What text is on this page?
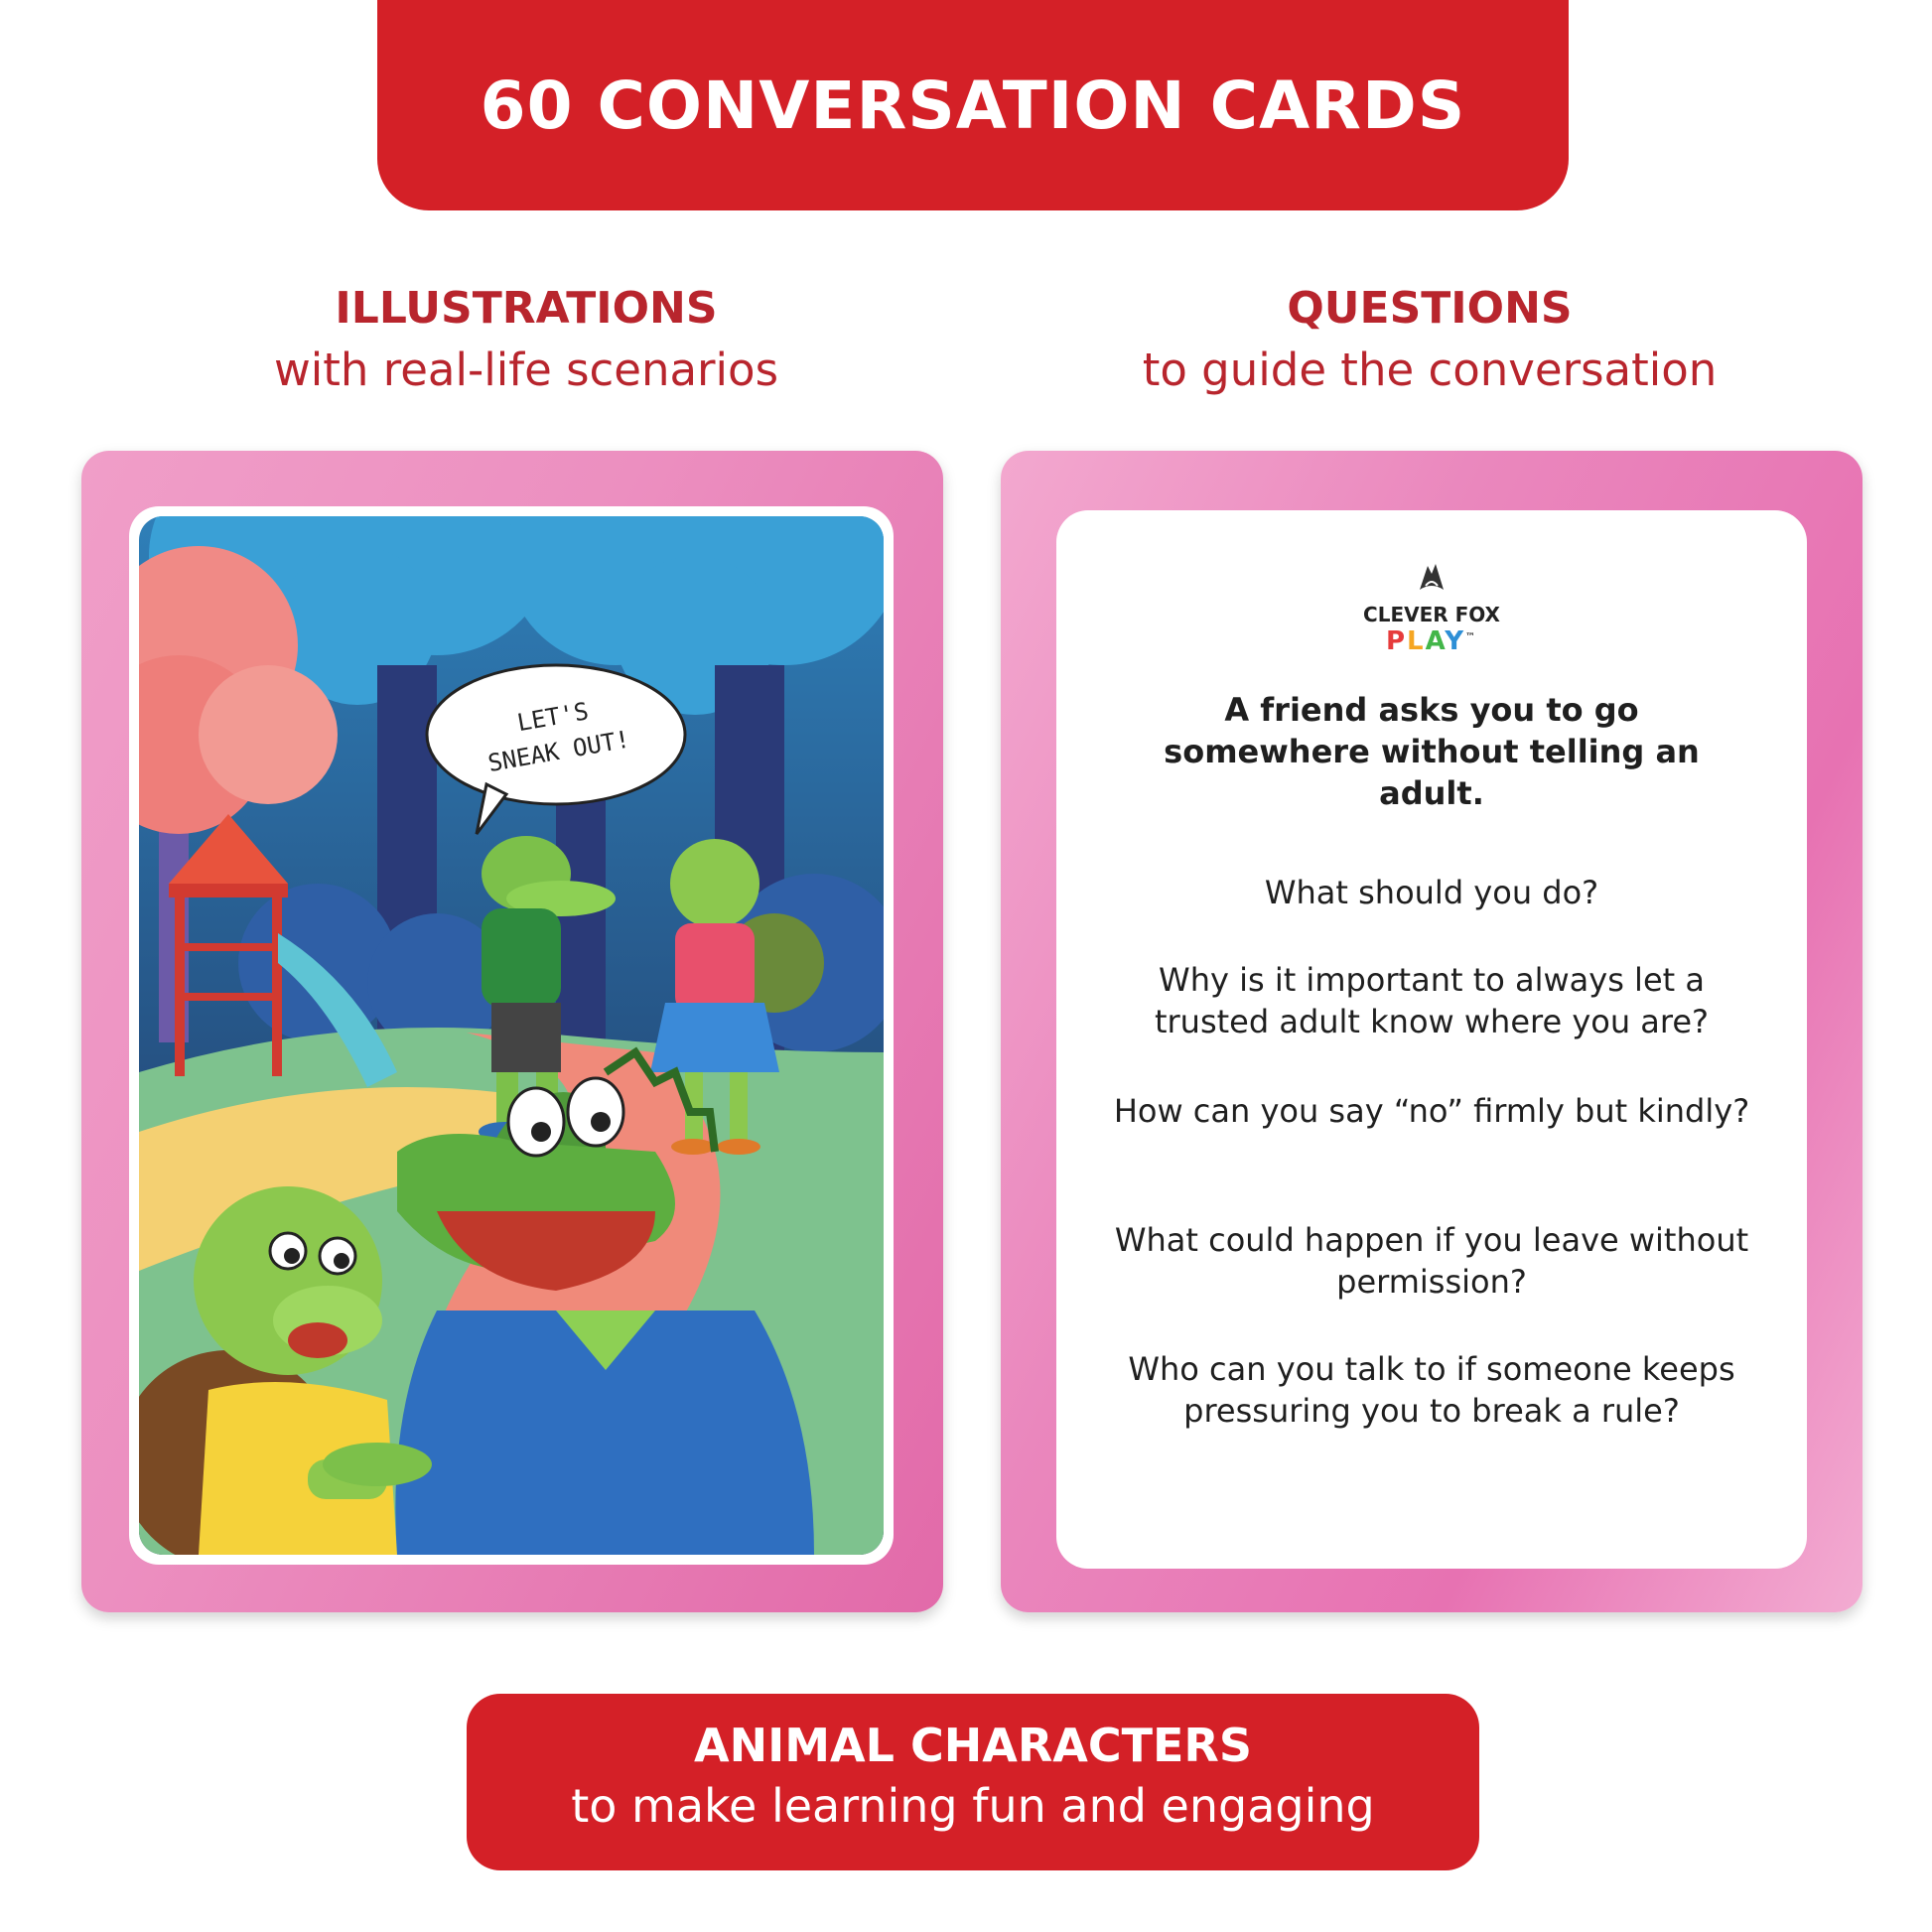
60 CONVERSATION CARDS
ILLUSTRATIONS
with real-life scenarios
QUESTIONS
to guide the conversation
LET'S
SNEAK OUT!
CLEVER FOX
PLAY™
A friend asks you to go somewhere without telling an adult.
What should you do?
Why is it important to always let a trusted adult know where you are?
How can you say “no” firmly but kindly?
What could happen if you leave without permission?
Who can you talk to if someone keeps pressuring you to break a rule?
ANIMAL CHARACTERS
to make learning fun and engaging
